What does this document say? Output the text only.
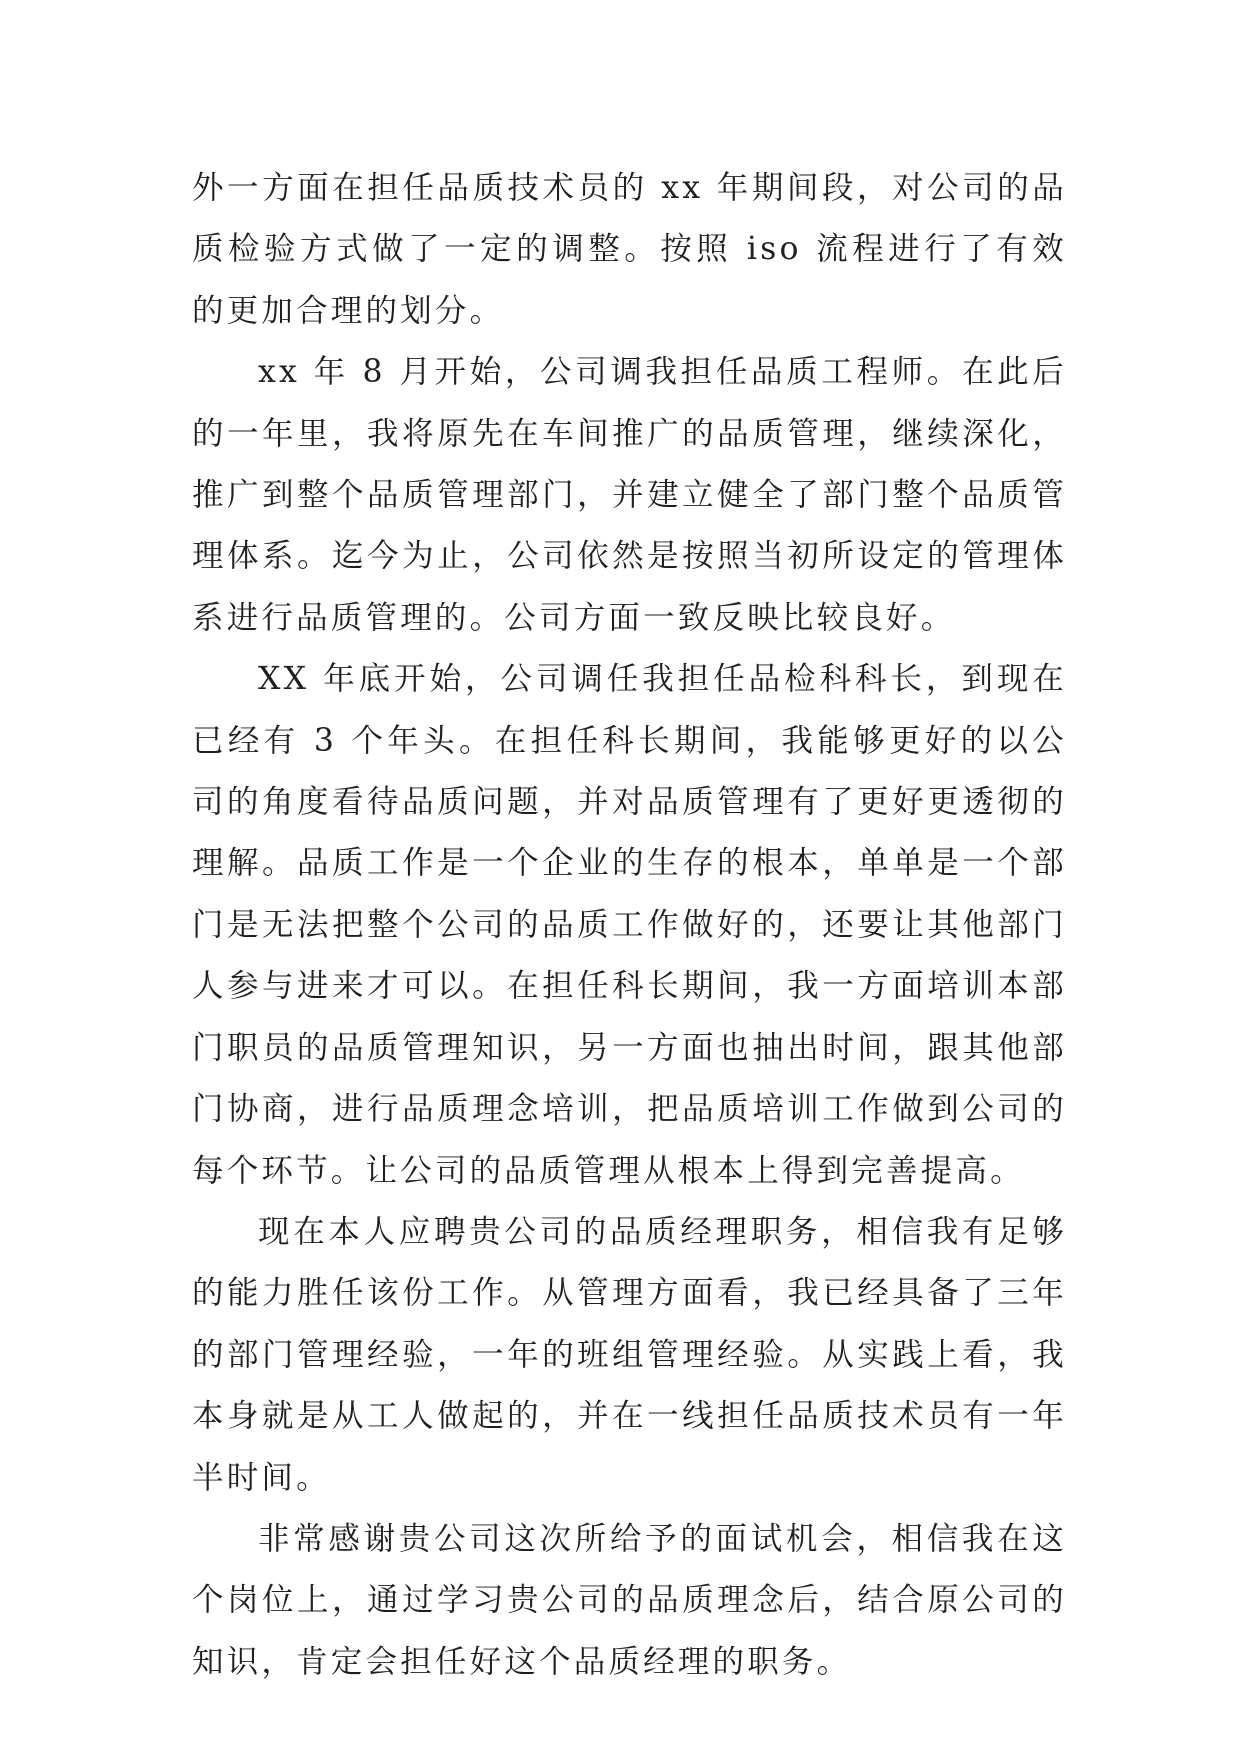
外一方面在担任品质技术员的 xx 年期间段，对公司的品质检验方式做了一定的调整。按照 iso 流程进行了有效的更加合理的划分。

xx 年 8 月开始，公司调我担任品质工程师。在此后的一年里，我将原先在车间推广的品质管理，继续深化，推广到整个品质管理部门，并建立健全了部门整个品质管理体系。迄今为止，公司依然是按照当初所设定的管理体系进行品质管理的。公司方面一致反映比较良好。

XX 年底开始，公司调任我担任品检科科长，到现在已经有 3 个年头。在担任科长期间，我能够更好的以公司的角度看待品质问题，并对品质管理有了更好更透彻的理解。品质工作是一个企业的生存的根本，单单是一个部门是无法把整个公司的品质工作做好的，还要让其他部门人参与进来才可以。在担任科长期间，我一方面培训本部门职员的品质管理知识，另一方面也抽出时间，跟其他部门协商，进行品质理念培训，把品质培训工作做到公司的每个环节。让公司的品质管理从根本上得到完善提高。

现在本人应聘贵公司的品质经理职务，相信我有足够的能力胜任该份工作。从管理方面看，我已经具备了三年的部门管理经验，一年的班组管理经验。从实践上看，我本身就是从工人做起的，并在一线担任品质技术员有一年半时间。

非常感谢贵公司这次所给予的面试机会，相信我在这个岗位上，通过学习贵公司的品质理念后，结合原公司的知识，肯定会担任好这个品质经理的职务。
